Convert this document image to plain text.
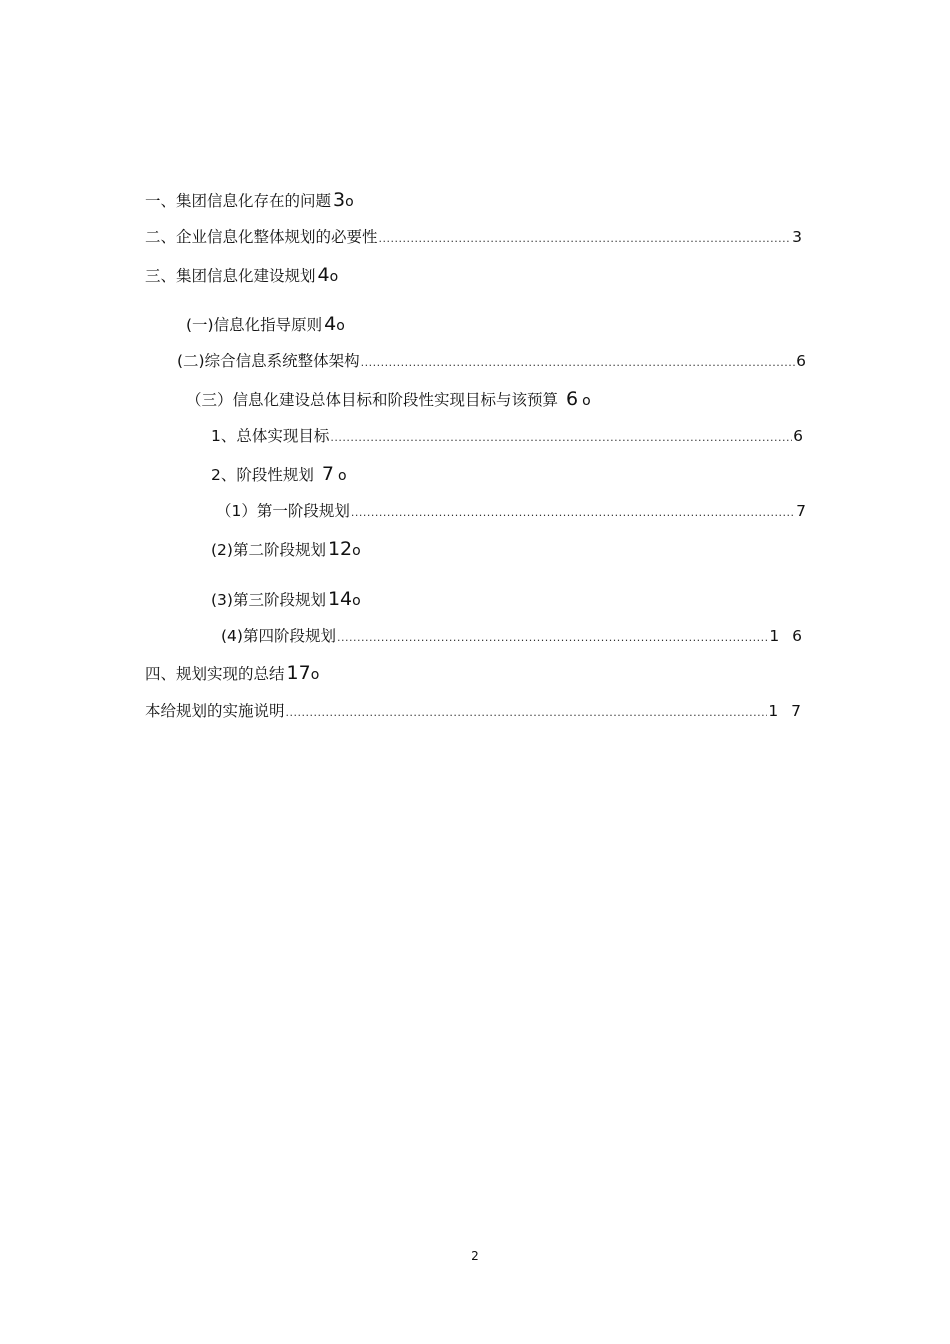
一、集团信息化存在的问题 3 o
二、企业信息化整体规划的必要性 .....	3
三、集团信息化建设规划 4 o
(一)信息化指导原则 4 o
(二)综合信息系统整体架构 .....	6
（三）信息化建设总体目标和阶段性实现目标与该预算 6 o
1、总体实现目标 .....	6
2、阶段性规划 7 o
（1）第一阶段规划 .....	7
(2)第二阶段规划 12 o
(3)第三阶段规划 14 o
(4)第四阶段规划 .....	1 6
四、规划实现的总结 17 o
本给规划的实施说明 .....	1 7
2
